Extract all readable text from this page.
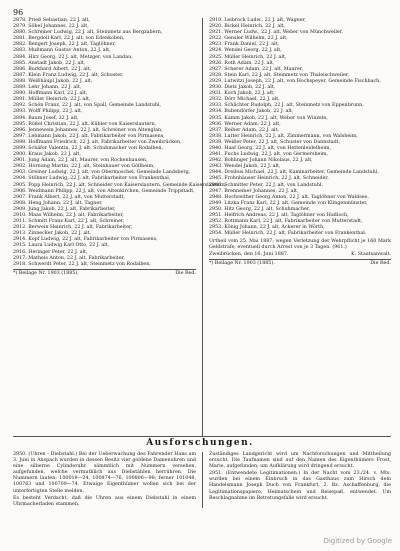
96
2878. Prieß Sebastian, 22 J. alt,
2879. Söbel Johannes, 22 J. alt,
2880. Schreiner Ludwig, 22 J. alt, Steinmetz aus Bergzabern,
2881. Bergdoll Karl, 22 J. alt, von Edenkoben,
2882. Bengert Joseph, 22 J. alt, Taglöhner,
2883. Mußmann Gustav Anton, 22 J. alt,
2884. Hirz Georg, 22 J. alt, Metzger, von Landau,
2885. Anstadt Jakob, 22 J. alt,
2886. Burkhard Albert, 22 J. alt,
2887. Klein Franz Ludwig, 22 J. alt, Schuster,
2888. Weißhäupl Jakob, 22 J. alt,
2889. Lehr Johann, 22 J. alt,
2890. Hoffmann Karl, 22 J. alt,
2891. Müller Heinrich, 22 J. alt,
2892. Schön Franz, 22 J. alt, von Spall, Gemeinde Landstuhl,
2893. Wolff Philipp, 22 J. alt,
2894. Baum Josef, 22 J. alt,
2895. Rößel Christian, 22 J. alt, Kübler von Kaiserslautern,
2896. Jennewein Johannes, 22 J. alt, Schreiner von Altenglan,
2897. Lehmann Jakob, 22 J. alt, Fabrikarbeiter von Pirmasens,
2898. Hoffmann Friedrich, 22 J. alt, Fabrikarbeiter von Zweibrücken,
2899. Schäfer Valentin, 22 J. alt, Schuhmacher von Rodalben,
2900. Kraus Jakob, 22 J. alt,
2901. Jung Adam, 22 J. alt, Maurer, von Rockenhausen,
2902. Hornung Martin, 22 J. alt, Steinhauer von Göllheim,
2903. Greiner Ludwig, 22 J. alt, von Obermoschel, Gemeinde Landsberg,
2904. Stöbner Ludwig, 22 J. alt, Fabrikarbeiter von Frankenthal,
2905. Popp Heinrich, 22 J. alt, Schneider von Kaiserslautern, Gemeinde Kaiserslautern,
2906. Weidmann Philipp, 22 J. alt, von Altenkirchen, Gemeinde Trippstadt,
2907. Frank Albert, 22 J. alt, von Mutterstadt,
2908. Heng Johann, 22 J. alt, Tagner,
2909. Jung Jakob, 22 J. alt, Fabrikarbeiter,
2910. Maas Wilhelm, 22 J. alt, Fabrikarbeiter,
2911. Schmitt Franz Karl, 22 J. alt, Schreiner,
2912. Berwein Heinrich, 22 J. alt, Fabrikarbeiter,
2913. Zinnecker Jakob, 22 J. alt,
2914. Kopf Ludwig, 22 J. alt, Fabrikarbeiter von Pirmasens,
2915. Laura Ludwig Karl Otto, 22 J. alt,
2916. Heringer Peter, 22 J. alt,
2917. Matheis Anton, 22 J. alt, Fabrikarbeiter,
2918. Schwerdt Peter, 22 J. alt, Steinmetz von Rodalben,
*) Beilage Nr. 1903 (1885).	Die Red.
2919. Leibrock Ludw., 22 J. alt, Wagner,
2920. Bickel Heinrich, 22 J. alt,
2921. Werner Ludw., 22 J. alt, Weber von Münchweiler,
2922. Gensler Wilhelm, 22 J. alt,
2923. Frank Daniel, 22 J. alt,
2924. Wendel Georg, 22 J. alt,
2925. Müller Heinrich, 22 J. alt,
2926. Roth Adam, 22 J. alt,
2927. Scherer Adam, 22 J. alt, Maurer,
2928. Stein Karl, 22 J. alt, Steinmetz von Thaleischweiler,
2929. Lutwitzi Joseph, 22 J. alt, von Hochspeyer, Gemeinde Fischbach,
2930. Dietz Jakob, 22 J. alt,
2931. Koch Jakob, 22 J. alt,
2932. Dörr Michael, 22 J. alt,
2933. Schlichter Rudolph, 22 J. alt, Steinmetz von Eppenbrunn,
2934. Bubendörfer Jakob, 22 J. alt,
2935. Kamm Jakob, 22 J. alt, Weber von Winzeln,
2936. Werner Adam, 22 J. alt,
2937. Reiber Adam, 22 J. alt,
2938. Lutter Heinrich, 22 J. alt, Zimmermann, von Walsheim,
2939. Weißer Peter, 22 J. alt, Schuster von Dannstadt,
2940. Haaf Georg, 22 J. alt, von Hettenleidelheim,
2941. Fuchs Ludwig, 22 J. alt, von Germersheim,
2942. Bohlinger Johann Nikolaus, 22 J. alt,
2943. Wendel Jakob, 22 J. alt,
2944. Dreibus Michael, 22 J. alt, Kaminarbeiter, Gemeinde Landstuhl,
2945. Frohnhäuser Heinrich, 22 J. alt, Schneider,
2946. Schmitter Peter, 22 J. alt, von Landstuhl,
2947. Brennemer Johannes, 22 J. alt,
2948. Hochreither Georg Anton, 22 J. alt, Taglöhner von Waldsee,
2949. Litzka Franz Karl, 22 J. alt, Gemeinde von Klingenmünster,
2950. Hitz Georg, 22 J. alt, Schuhmacher,
2951. Helfrich Andreas, 22 J. alt, Taglöhner von Haßloch,
2952. Rottmann Karl, 22 J. alt, Fabrikarbeiter von Mutterstadt,
2953. König Johann, 22 J. alt, Ackerer in Wörth,
2954. Müller Heinrich, 22 J. alt, Fabrikarbeiter von Frankenthal.
Urtheil vom 25. Mai 1887; wegen Verletzung der Wehrpflicht je 160 Mark Geldstrafe, eventuell durch Arrest von je 3 Tagen. (961.)
Zweibrücken, den 16. Juni 1887.	K. Staatsanwalt.
*) Beilage Nr. 1903 (1885).	Die Red.
Ausforschungen.
2950. (Uhren - Diebstahl.) Bei der Ueberwachung des Fahrender Hans am 3. Juni in Anspach wurden in dessen Besitz vier goldene Damenuhren und eine silberne Cylinderuhr, sämmtlich mit Nummern versehen, aufgefunden, welche vermuthlich aus Diebstählen herrühren. Die Nummern lauten: 100019—24, 100874—76, 100806—98; ferner 101048, 100763 und 100709—74. Etwaige Eigenthümer wollen sich bei der unterfertigten Stelle melden.
Es besteht Verdacht, daß die Uhren aus einem Diebstahl in einem Uhrmacherladen stammen.
Zuständiges Landgericht wird um Nachforschungen und Mittheilung ersucht. Die Taufnamen sind auf den Namen des Eigenthümers Frost, Marie, aufgefunden; um Aufklärung wird dringend ersucht.
2951. (Entwendete Legitimationen.) In der Nacht vom 23./24. v. Mts. wurden bei einem Einbruch in das Gasthaus zum Hirsch dem Handelsmann Joseph Duch von Frankfurt, 2. Bz. Aschaffenburg, die Legitimationspapiere, Heimatschein und Reisepaß, entwendet. Um Beschlagnahme im Betretungsfalle wird ersucht.
Digitized by Google
